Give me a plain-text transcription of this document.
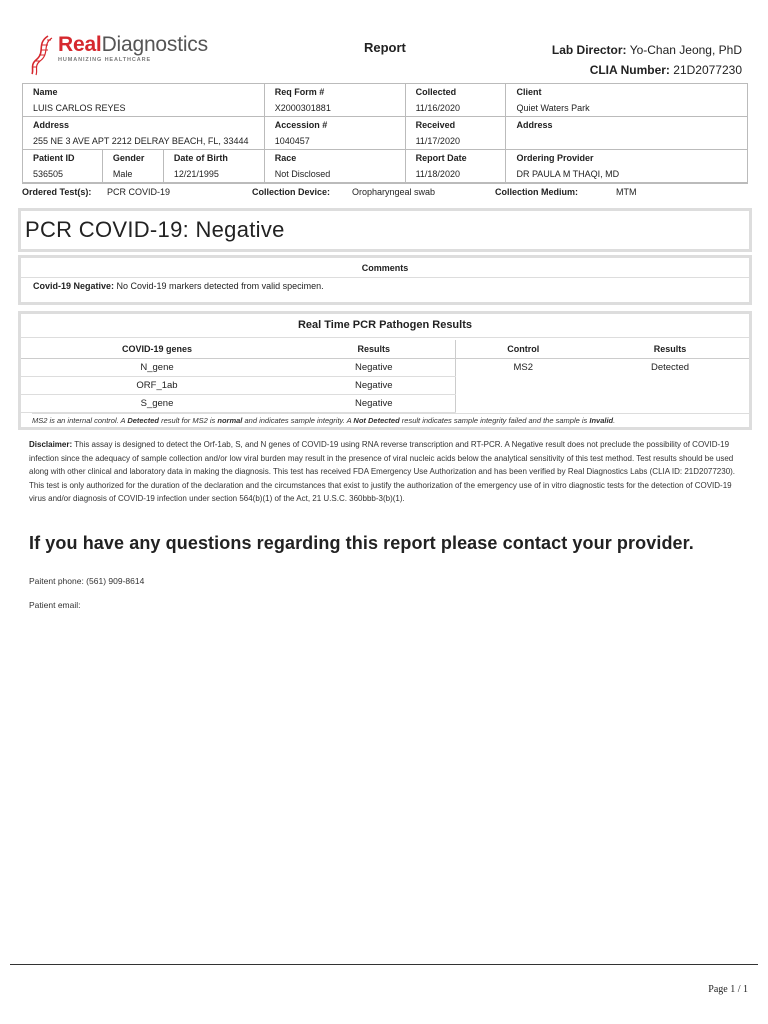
RealDiagnostics
HUMANIZING HEALTHCARE
Report	Lab Director: Yo-Chan Jeong, PhD
CLIA Number: 21D2077230
Name			Req Form #	Collected	Client
LUIS CARLOS REYES			X2000301881	11/16/2020	Quiet Waters Park
Address			Accession #	Received	Address
255 NE 3 AVE APT 2212 DELRAY BEACH, FL, 33444			1040457	11/17/2020	
Patient ID	Gender	Date of Birth	Race	Report Date	Ordering Provider
536505	Male	12/21/1995	Not Disclosed	11/18/2020	DR PAULA M THAQI, MD
Ordered Test(s):	PCR COVID-19	Collection Device:	Oropharyngeal swab	Collection Medium:	MTM
PCR COVID-19: Negative
Comments
Covid-19 Negative: No Covid-19 markers detected from valid specimen.
Real Time PCR Pathogen Results
COVID-19 genes	Results	Control	Results
N_gene	Negative	MS2	Detected
ORF_1ab	Negative		
S_gene	Negative		
MS2 is an internal control. A Detected result for MS2 is normal and indicates sample integrity. A Not Detected result indicates sample integrity failed and the sample is Invalid.
Disclaimer: This assay is designed to detect the Orf-1ab, S, and N genes of COVID-19 using RNA reverse transcription and RT-PCR. A Negative result does not preclude the possibility of COVID-19 infection since the adequacy of sample collection and/or low viral burden may result in the presence of viral nucleic acids below the analytical sensitivity of this test method. Test results should be used along with other clinical and laboratory data in making the diagnosis. This test has received FDA Emergency Use Authorization and has been verified by Real Diagnostics Labs (CLIA ID: 21D2077230). This test is only authorized for the duration of the declaration and the circumstances that exist to justify the authorization of the emergency use of in vitro diagnostic tests for the detection of COVID-19 virus and/or diagnosis of COVID-19 infection under section 564(b)(1) of the Act, 21 U.S.C. 360bbb-3(b)(1).
If you have any questions regarding this report please contact your provider.
Paitent phone: (561) 909-8614
Patient email:
Page 1 / 1
